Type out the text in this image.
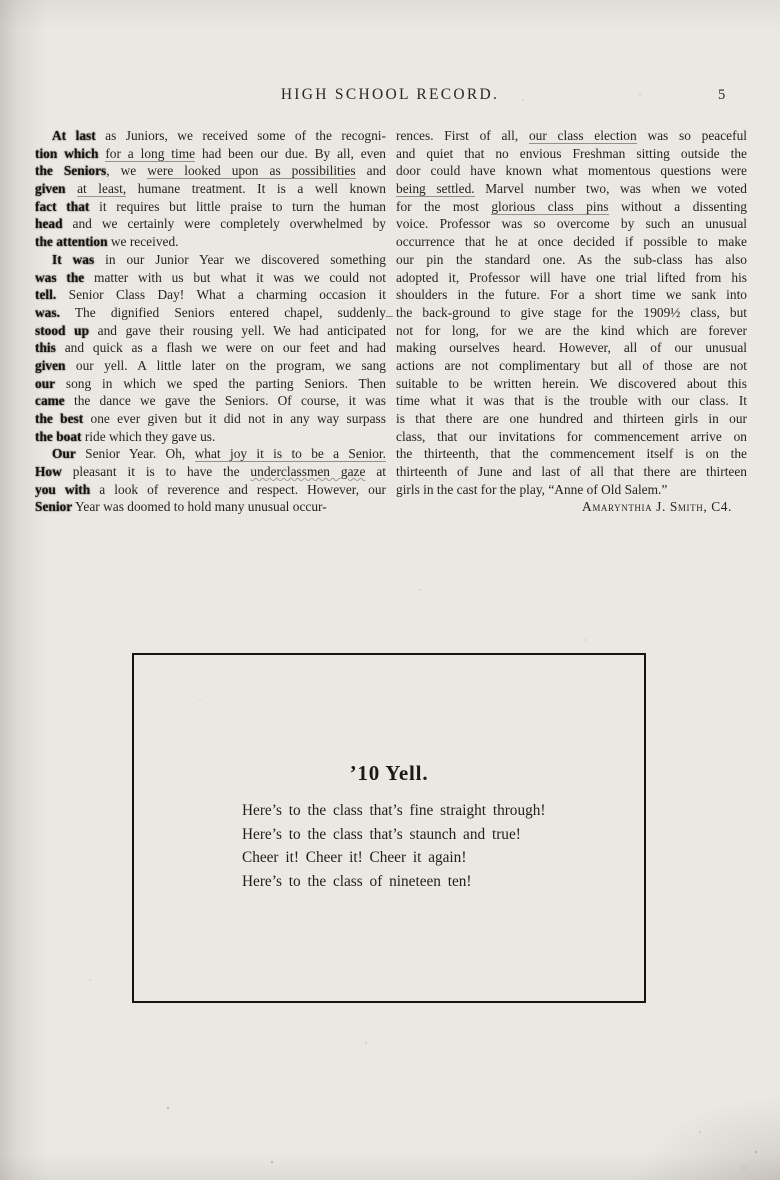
HIGH SCHOOL RECORD.	5
At last as Juniors, we received some of the recogni-
tion which for a long time had been our due. By all, even
the Seniors, we were looked upon as possibilities and
given at least, humane treatment. It is a well known
fact that it requires but little praise to turn the human
head and we certainly were completely overwhelmed by
the attention we received.
It was in our Junior Year we discovered something
was the matter with us but what it was we could not
tell. Senior Class Day! What a charming occasion it
was. The dignified Seniors entered chapel, suddenly
stood up and gave their rousing yell. We had anticipated
this and quick as a flash we were on our feet and had
given our yell. A little later on the program, we sang
our song in which we sped the parting Seniors. Then
came the dance we gave the Seniors. Of course, it was
the best one ever given but it did not in any way surpass
the boat ride which they gave us.
Our Senior Year. Oh, what joy it is to be a Senior.
How pleasant it is to have the underclassmen gaze at
you with a look of reverence and respect. However, our
Senior Year was doomed to hold many unusual occur-
rences. First of all, our class election was so peaceful
and quiet that no envious Freshman sitting outside the
door could have known what momentous questions were
being settled. Marvel number two, was when we voted
for the most glorious class pins without a dissenting
voice. Professor was so overcome by such an unusual
occurrence that he at once decided if possible to make
our pin the standard one. As the sub-class has also
adopted it, Professor will have one trial lifted from his
shoulders in the future. For a short time we sank into
the back-ground to give stage for the 1909½ class, but
not for long, for we are the kind which are forever
making ourselves heard. However, all of our unusual
actions are not complimentary but all of those are not
suitable to be written herein. We discovered about this
time what it was that is the trouble with our class. It
is that there are one hundred and thirteen girls in our
class, that our invitations for commencement arrive on
the thirteenth, that the commencement itself is on the
thirteenth of June and last of all that there are thirteen
girls in the cast for the play, “Anne of Old Salem.”
Amarynthia J. Smith, C4.
’10 Yell.
Here’s to the class that’s fine straight through!
Here’s to the class that’s staunch and true!
Cheer it! Cheer it! Cheer it again!
Here’s to the class of nineteen ten!
